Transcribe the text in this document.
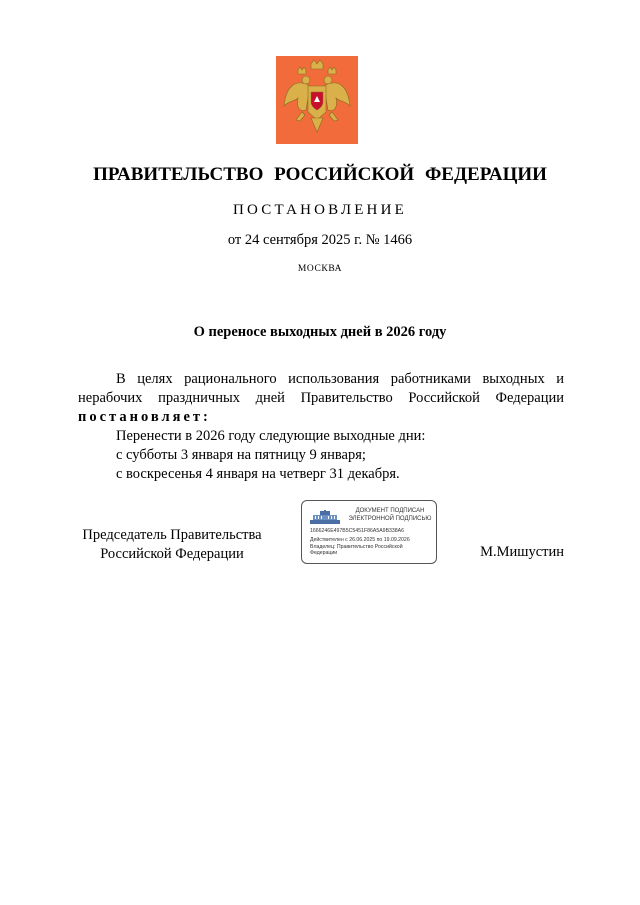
ПРАВИТЕЛЬСТВО РОССИЙСКОЙ ФЕДЕРАЦИИ
ПОСТАНОВЛЕНИЕ
от 24 сентября 2025 г. № 1466
МОСКВА
О переносе выходных дней в 2026 году

В целях рационального использования работниками выходных и нерабочих праздничных дней Правительство Российской Федерации постановляет:

Перенести в 2026 году следующие выходные дни:

с субботы 3 января на пятницу 9 января;

с воскресенья 4 января на четверг 31 декабря.

Председатель Правительства
Российской Федерации
ДОКУМЕНТ ПОДПИСАН
ЭЛЕКТРОННОЙ ПОДПИСЬЮ
1666246E497B5C5451F86A5A9B338A6
Действителен с 26.06.2025 по 19.09.2026
Владелец: Правительство Российской
Федерации	М.Мишустин
